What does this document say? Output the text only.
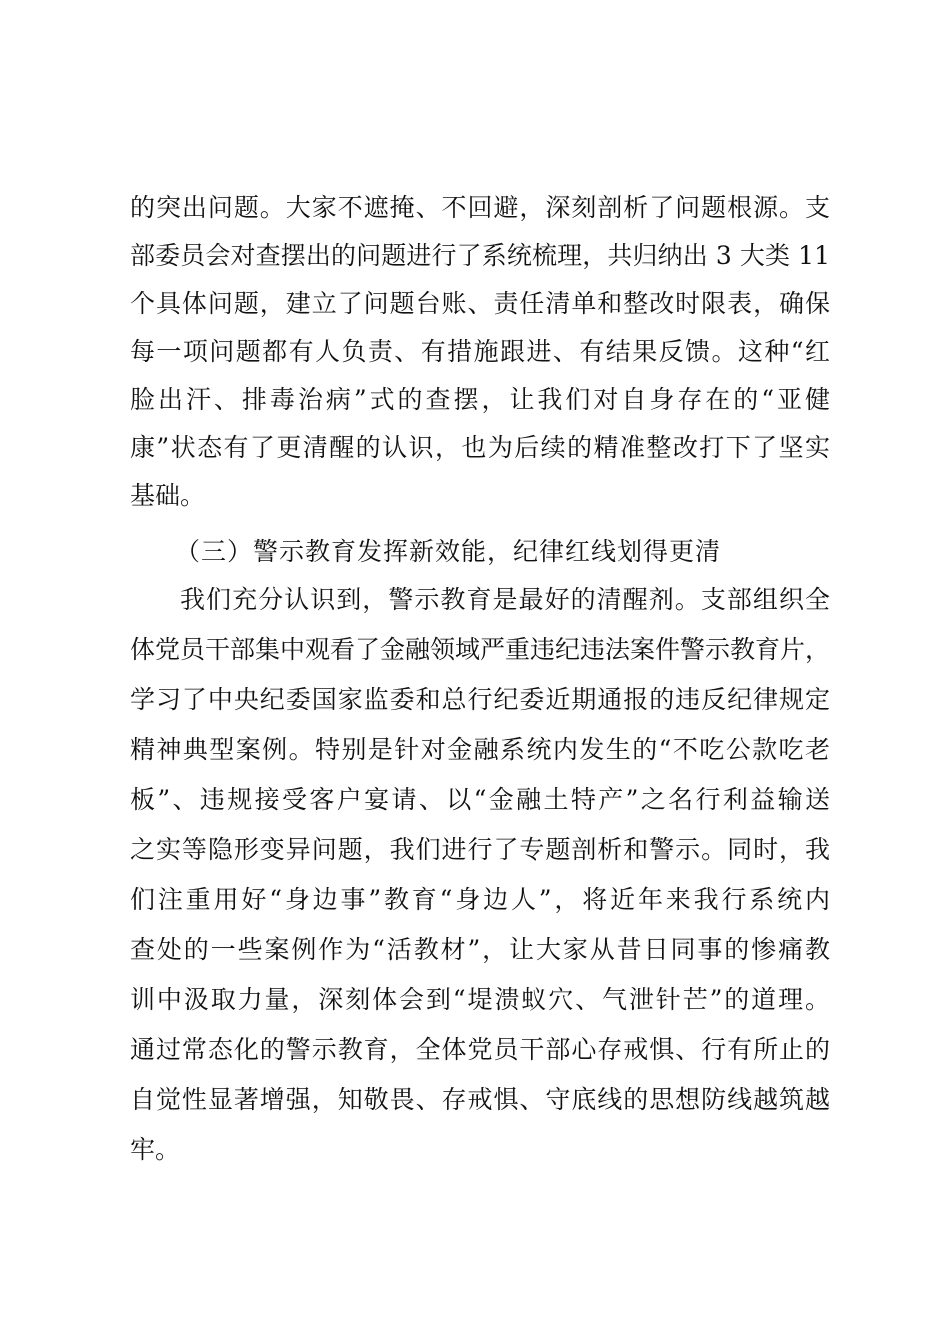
的突出问题。大家不遮掩、不回避，深刻剖析了问题根源。支
部委员会对查摆出的问题进行了系统梳理，共归纳出 3 大类 11
个具体问题，建立了问题台账、责任清单和整改时限表，确保
每一项问题都有人负责、有措施跟进、有结果反馈。这种“红
脸出汗、排毒治病”式的查摆，让我们对自身存在的“亚健
康”状态有了更清醒的认识，也为后续的精准整改打下了坚实
基础。
（三）警示教育发挥新效能，纪律红线划得更清
我们充分认识到，警示教育是最好的清醒剂。支部组织全
体党员干部集中观看了金融领域严重违纪违法案件警示教育片，
学习了中央纪委国家监委和总行纪委近期通报的违反纪律规定
精神典型案例。特别是针对金融系统内发生的“不吃公款吃老
板”、违规接受客户宴请、以“金融土特产”之名行利益输送
之实等隐形变异问题，我们进行了专题剖析和警示。同时，我
们注重用好“身边事”教育“身边人”，将近年来我行系统内
查处的一些案例作为“活教材”，让大家从昔日同事的惨痛教
训中汲取力量，深刻体会到“堤溃蚁穴、气泄针芒”的道理。
通过常态化的警示教育，全体党员干部心存戒惧、行有所止的
自觉性显著增强，知敬畏、存戒惧、守底线的思想防线越筑越
牢。
